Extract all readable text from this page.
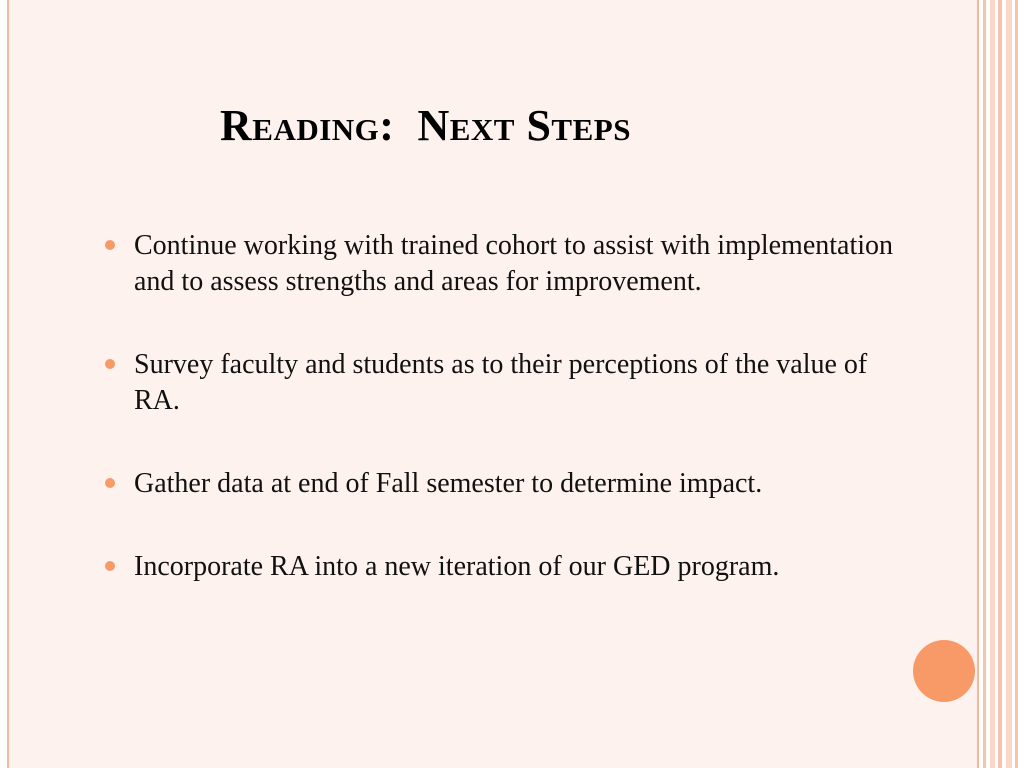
Reading:  Next Steps
Continue working with trained cohort to assist with implementation and to assess strengths and areas for improvement.
Survey faculty and students as to their perceptions of the value of RA.
Gather data at end of Fall semester to determine impact.
Incorporate RA into a new iteration of our GED program.
